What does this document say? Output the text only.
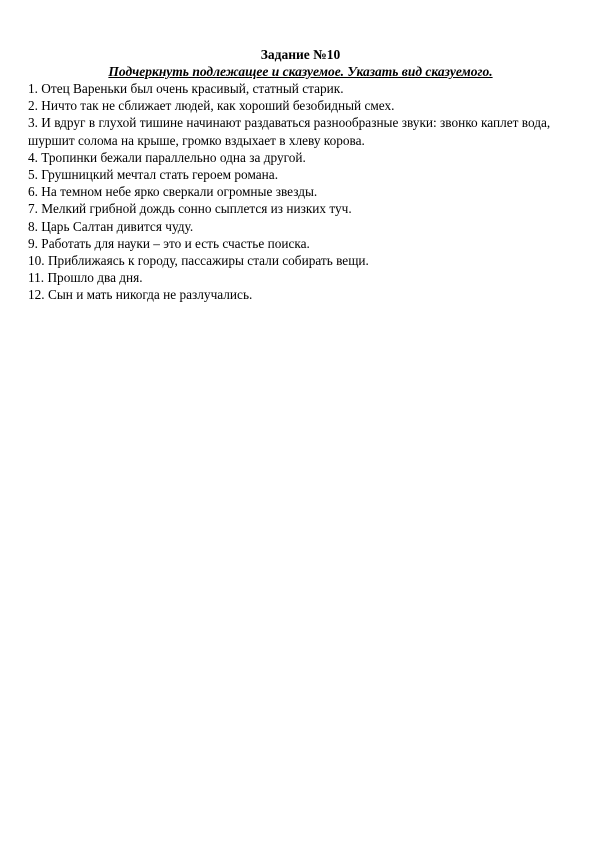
Задание №10

Подчеркнуть подлежащее и сказуемое. Указать вид сказуемого.

1. Отец Вареньки был очень красивый, статный старик.
2. Ничто так не сближает людей, как хороший безобидный смех.
3. И вдруг в глухой тишине начинают раздаваться разнообразные звуки: звонко каплет вода, шуршит солома на крыше, громко вздыхает в хлеву корова.
4. Тропинки бежали параллельно одна за другой.
5. Грушницкий мечтал стать героем романа.
6. На темном небе ярко сверкали огромные звезды.
7. Мелкий грибной дождь сонно сыплется из низких туч.
8. Царь Салтан дивится чуду.
9. Работать для науки – это и есть счастье поиска.
10. Приближаясь к городу, пассажиры стали собирать вещи.
11. Прошло два дня.
12. Сын и мать никогда не разлучались.
